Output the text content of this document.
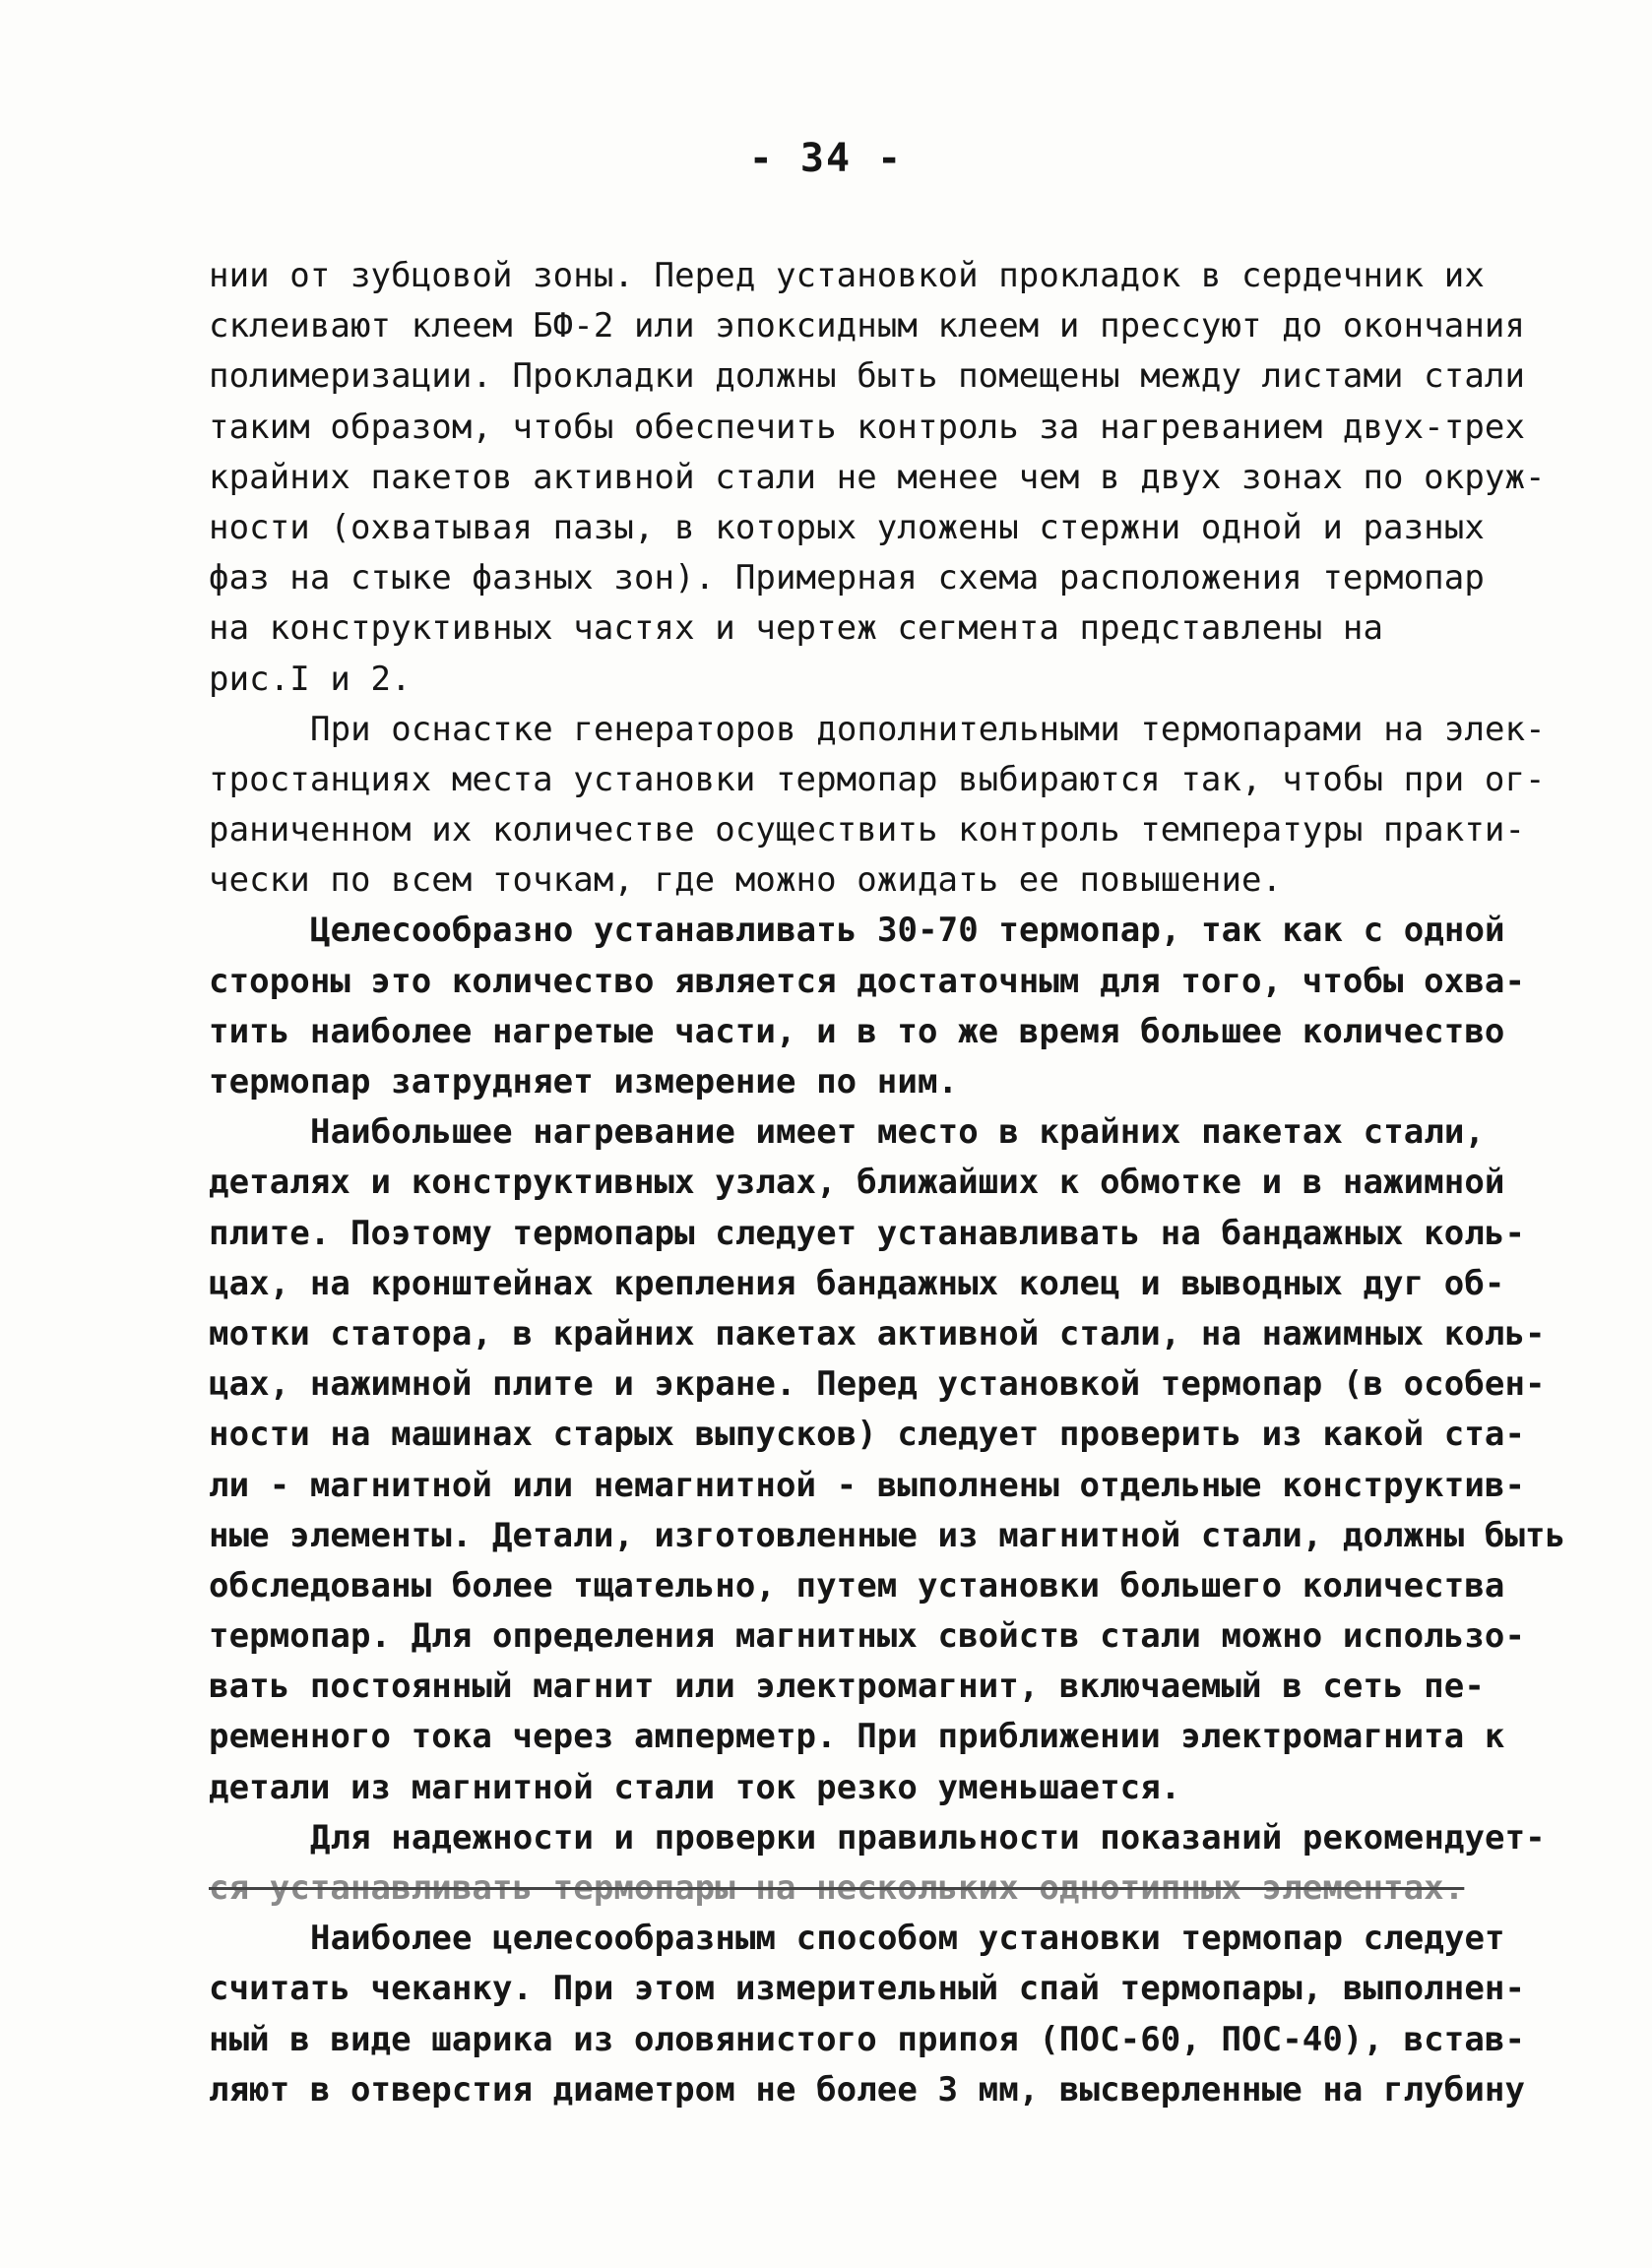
- 34 -
нии от зубцовой зоны. Перед установкой прокладок в сердечник их
склеивают клеем БФ-2 или эпоксидным клеем и прессуют до окончания
полимеризации. Прокладки должны быть помещены между листами стали
таким образом, чтобы обеспечить контроль за нагреванием двух-трех
крайних пакетов активной стали не менее чем в двух зонах по окруж-
ности (охватывая пазы, в которых уложены стержни одной и разных
фаз на стыке фазных зон). Примерная схема расположения термопар
на конструктивных частях и чертеж сегмента представлены на
рис.I и 2.
При оснастке генераторов дополнительными термопарами на элек-
тростанциях места установки термопар выбираются так, чтобы при ог-
раниченном их количестве осуществить контроль температуры практи-
чески по всем точкам, где можно ожидать ее повышение.
Целесообразно устанавливать 30-70 термопар, так как с одной
стороны это количество является достаточным для того, чтобы охва-
тить наиболее нагретые части, и в то же время большее количество
термопар затрудняет измерение по ним.
Наибольшее нагревание имеет место в крайних пакетах стали,
деталях и конструктивных узлах, ближайших к обмотке и в нажимной
плите. Поэтому термопары следует устанавливать на бандажных коль-
цах, на кронштейнах крепления бандажных колец и выводных дуг об-
мотки статора, в крайних пакетах активной стали, на нажимных коль-
цах, нажимной плите и экране. Перед установкой термопар (в особен-
ности на машинах старых выпусков) следует проверить из какой ста-
ли - магнитной или немагнитной - выполнены отдельные конструктив-
ные элементы. Детали, изготовленные из магнитной стали, должны быть
обследованы более тщательно, путем установки большего количества
термопар. Для определения магнитных свойств стали можно использо-
вать постоянный магнит или электромагнит, включаемый в сеть пе-
ременного тока через амперметр. При приближении электромагнита к
детали из магнитной стали ток резко уменьшается.
Для надежности и проверки правильности показаний рекомендует-
ся устанавливать термопары на нескольких однотипных элементах.
Наиболее целесообразным способом установки термопар следует
считать чеканку. При этом измерительный спай термопары, выполнен-
ный в виде шарика из оловянистого припоя (ПОС-60, ПОС-40), встав-
ляют в отверстия диаметром не более 3 мм, высверленные на глубину
